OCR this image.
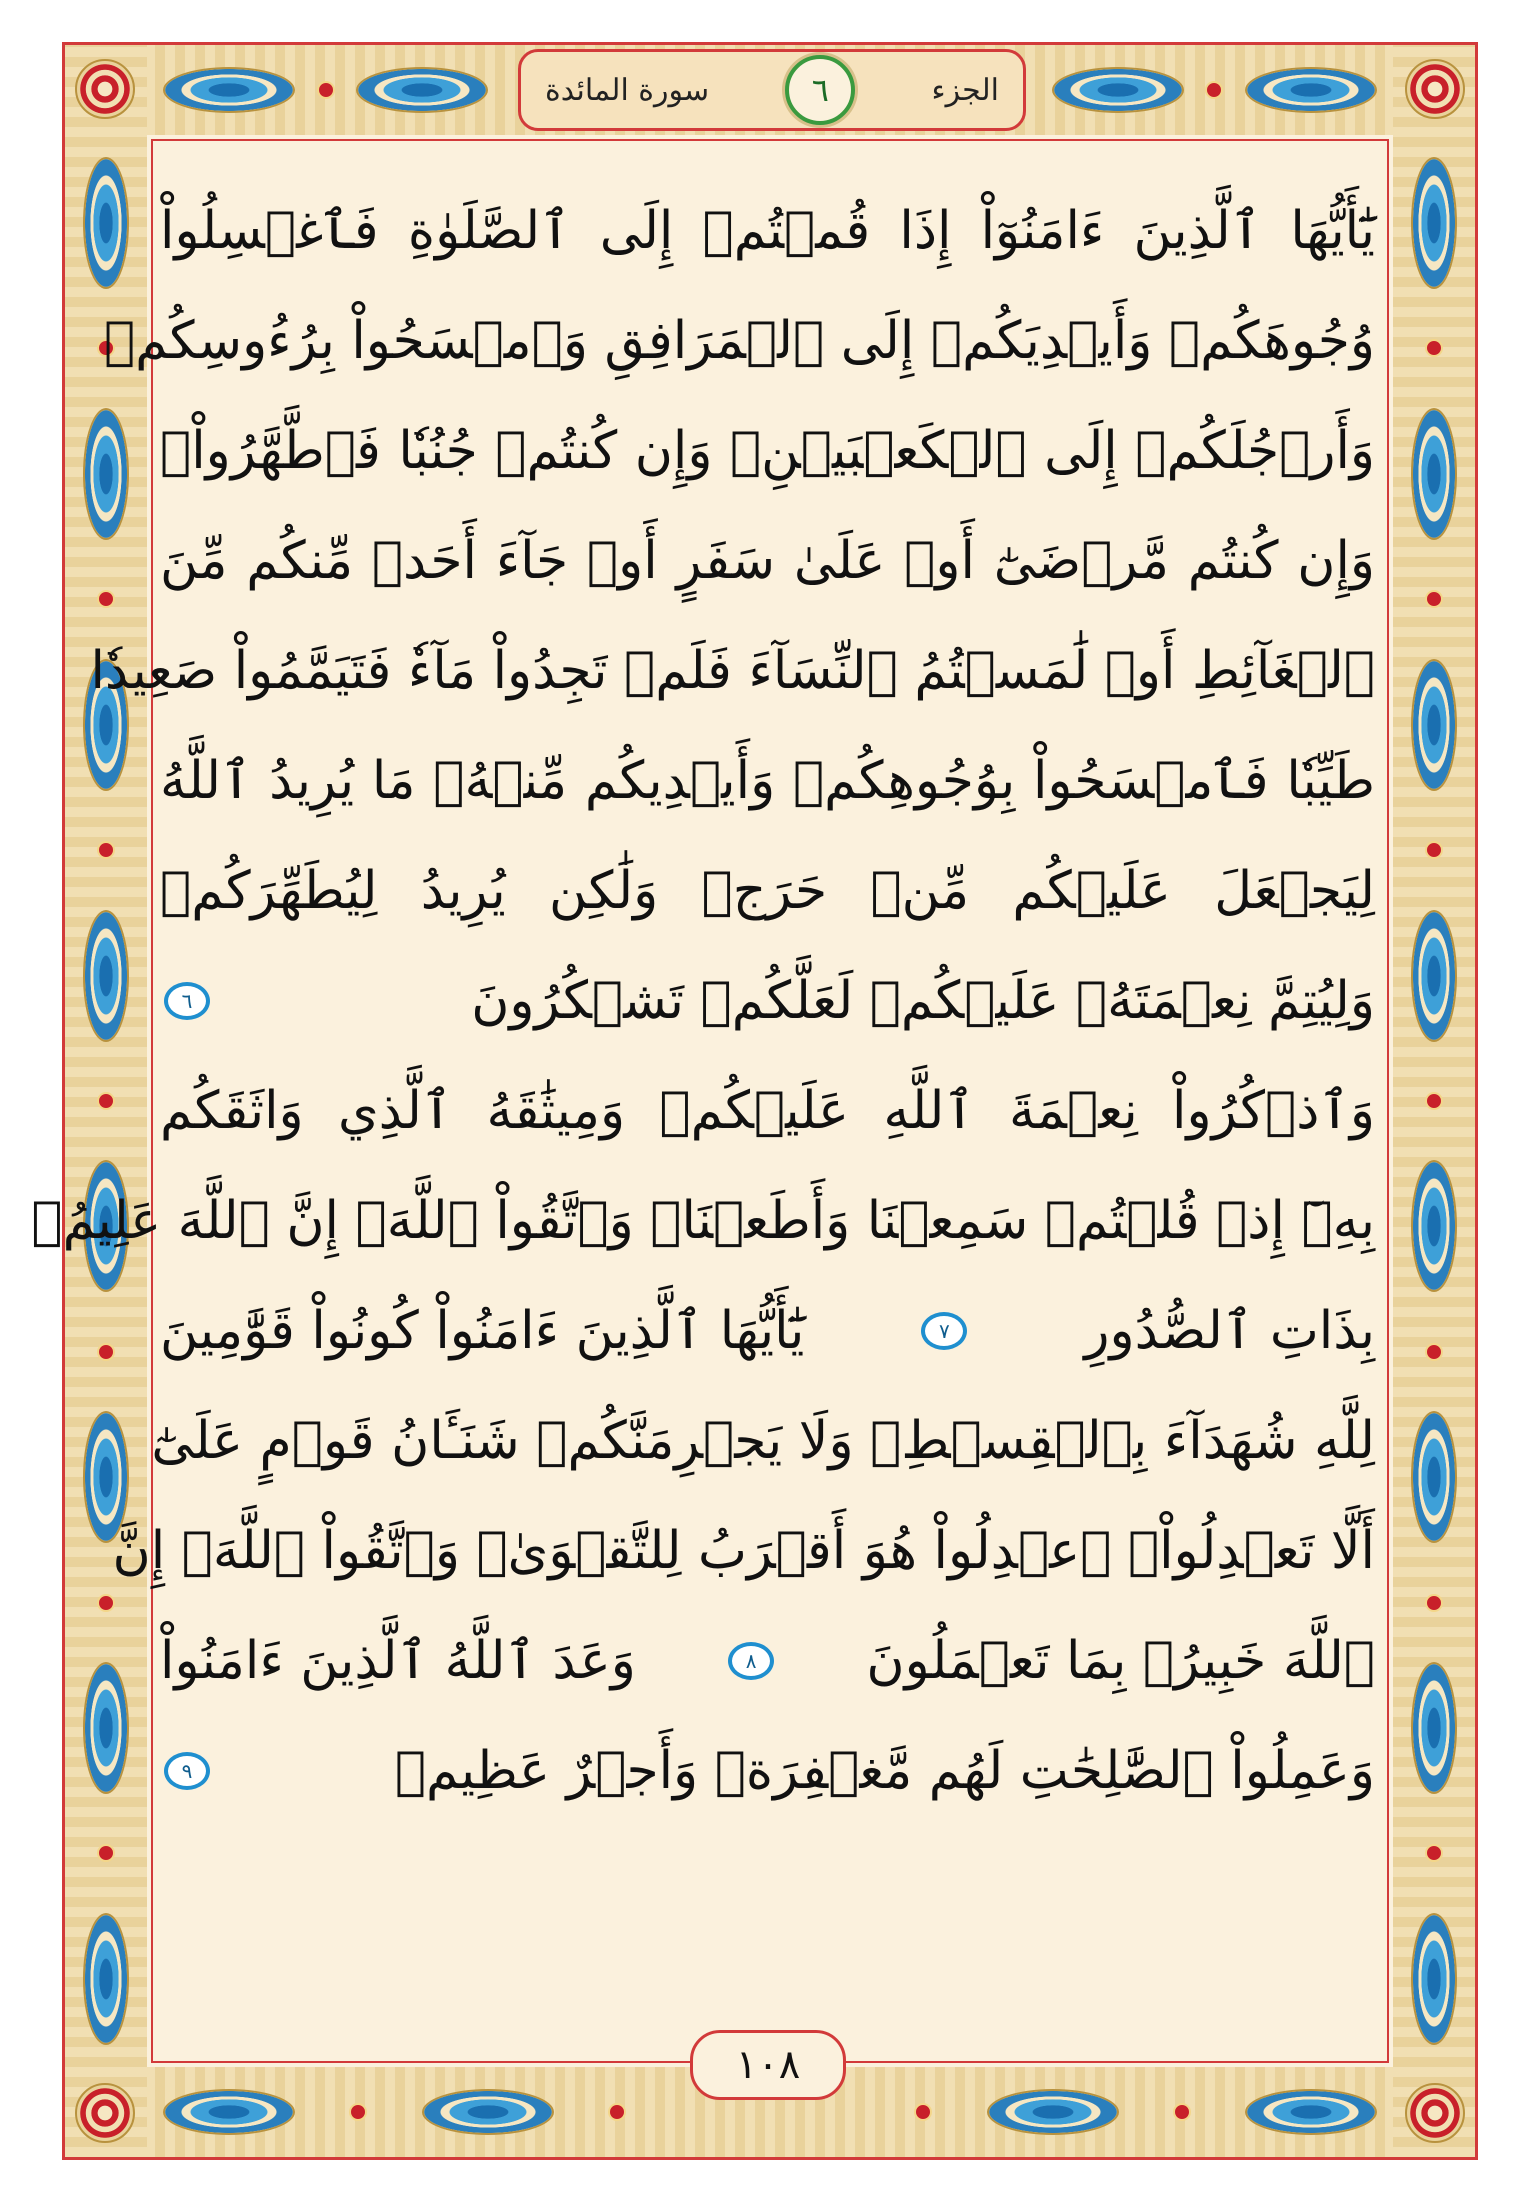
سورة المائدة	٦	الجزء
يَٰٓأَيُّهَا ٱلَّذِينَ ءَامَنُوٓاْ إِذَا قُمۡتُمۡ إِلَى ٱلصَّلَوٰةِ فَٱغۡسِلُواْ
وُجُوهَكُمۡ وَأَيۡدِيَكُمۡ إِلَى ٱلۡمَرَافِقِ وَٱمۡسَحُواْ بِرُءُوسِكُمۡ
وَأَرۡجُلَكُمۡ إِلَى ٱلۡكَعۡبَيۡنِۚ وَإِن كُنتُمۡ جُنُبٗا فَٱطَّهَّرُواْۚ
وَإِن كُنتُم مَّرۡضَىٰٓ أَوۡ عَلَىٰ سَفَرٍ أَوۡ جَآءَ أَحَدٞ مِّنكُم مِّنَ
ٱلۡغَآئِطِ أَوۡ لَٰمَسۡتُمُ ٱلنِّسَآءَ فَلَمۡ تَجِدُواْ مَآءٗ فَتَيَمَّمُواْ صَعِيدٗا
طَيِّبٗا فَٱمۡسَحُواْ بِوُجُوهِكُمۡ وَأَيۡدِيكُم مِّنۡهُۚ مَا يُرِيدُ ٱللَّهُ
لِيَجۡعَلَ عَلَيۡكُم مِّنۡ حَرَجٖ وَلَٰكِن يُرِيدُ لِيُطَهِّرَكُمۡ
وَلِيُتِمَّ نِعۡمَتَهُۥ عَلَيۡكُمۡ لَعَلَّكُمۡ تَشۡكُرُونَ
٦
وَٱذۡكُرُواْ نِعۡمَةَ ٱللَّهِ عَلَيۡكُمۡ وَمِيثَٰقَهُ ٱلَّذِي وَاثَقَكُم
بِهِۦٓ إِذۡ قُلۡتُمۡ سَمِعۡنَا وَأَطَعۡنَاۖ وَٱتَّقُواْ ٱللَّهَۚ إِنَّ ٱللَّهَ عَلِيمُۢ
بِذَاتِ ٱلصُّدُورِ
٧
يَٰٓأَيُّهَا ٱلَّذِينَ ءَامَنُواْ كُونُواْ قَوَّٰمِينَ
لِلَّهِ شُهَدَآءَ بِٱلۡقِسۡطِۖ وَلَا يَجۡرِمَنَّكُمۡ شَنَـَٔانُ قَوۡمٍ عَلَىٰٓ
أَلَّا تَعۡدِلُواْۚ ٱعۡدِلُواْ هُوَ أَقۡرَبُ لِلتَّقۡوَىٰۖ وَٱتَّقُواْ ٱللَّهَۚ إِنَّ
ٱللَّهَ خَبِيرُۢ بِمَا تَعۡمَلُونَ
٨
وَعَدَ ٱللَّهُ ٱلَّذِينَ ءَامَنُواْ
وَعَمِلُواْ ٱلصَّٰلِحَٰتِ لَهُم مَّغۡفِرَةٞ وَأَجۡرٌ عَظِيمٞ
٩
١٠٨
